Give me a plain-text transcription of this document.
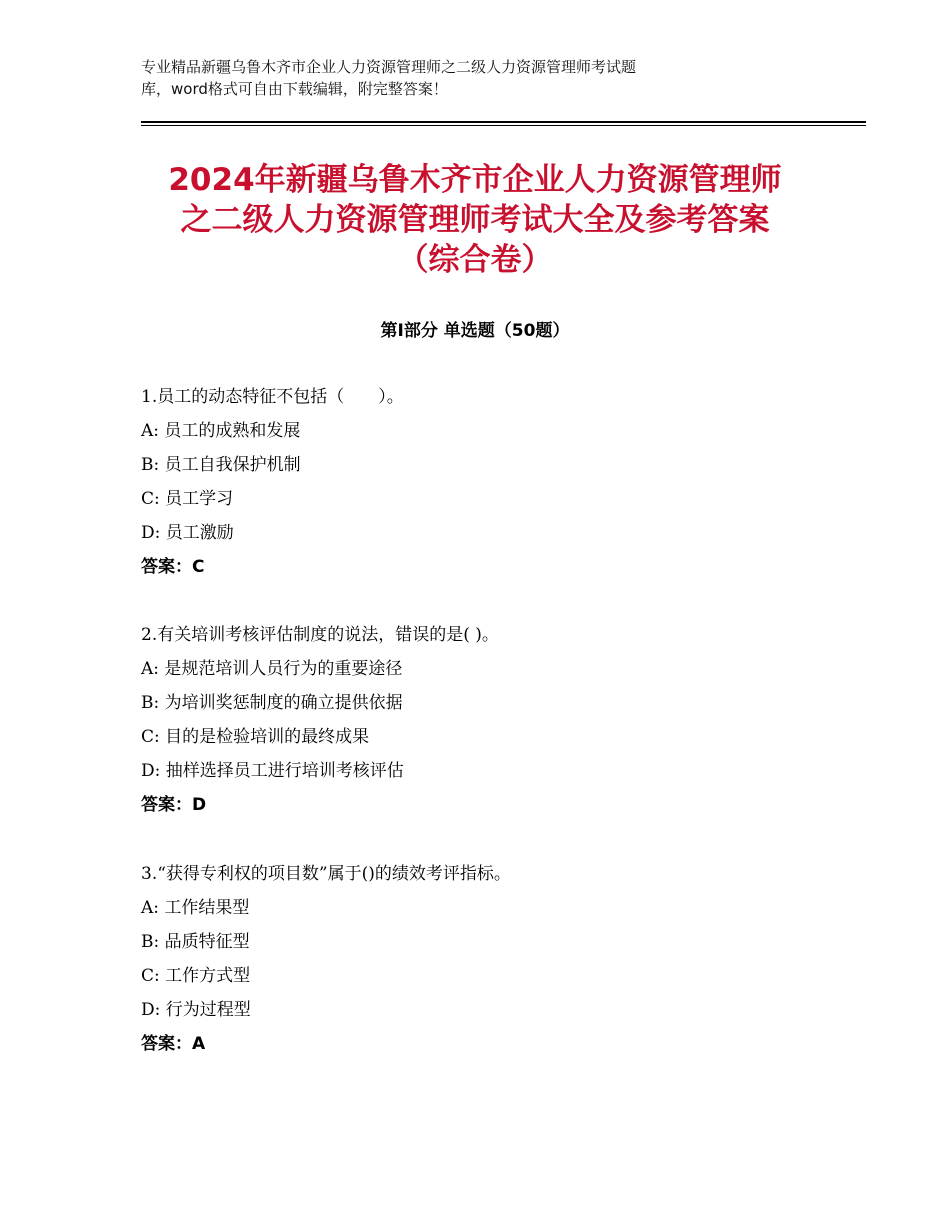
专业精品新疆乌鲁木齐市企业人力资源管理师之二级人力资源管理师考试题
库，word格式可自由下载编辑，附完整答案！
2024年新疆乌鲁木齐市企业人力资源管理师
之二级人力资源管理师考试大全及参考答案
（综合卷）
第Ⅰ部分 单选题（50题）
1.员工的动态特征不包括（　　）。
A: 员工的成熟和发展
B: 员工自我保护机制
C: 员工学习
D: 员工激励
答案：C
2.有关培训考核评估制度的说法，错误的是( )。
A: 是规范培训人员行为的重要途径
B: 为培训奖惩制度的确立提供依据
C: 目的是检验培训的最终成果
D: 抽样选择员工进行培训考核评估
答案：D
3.“获得专利权的项目数”属于()的绩效考评指标。
A: 工作结果型
B: 品质特征型
C: 工作方式型
D: 行为过程型
答案：A
